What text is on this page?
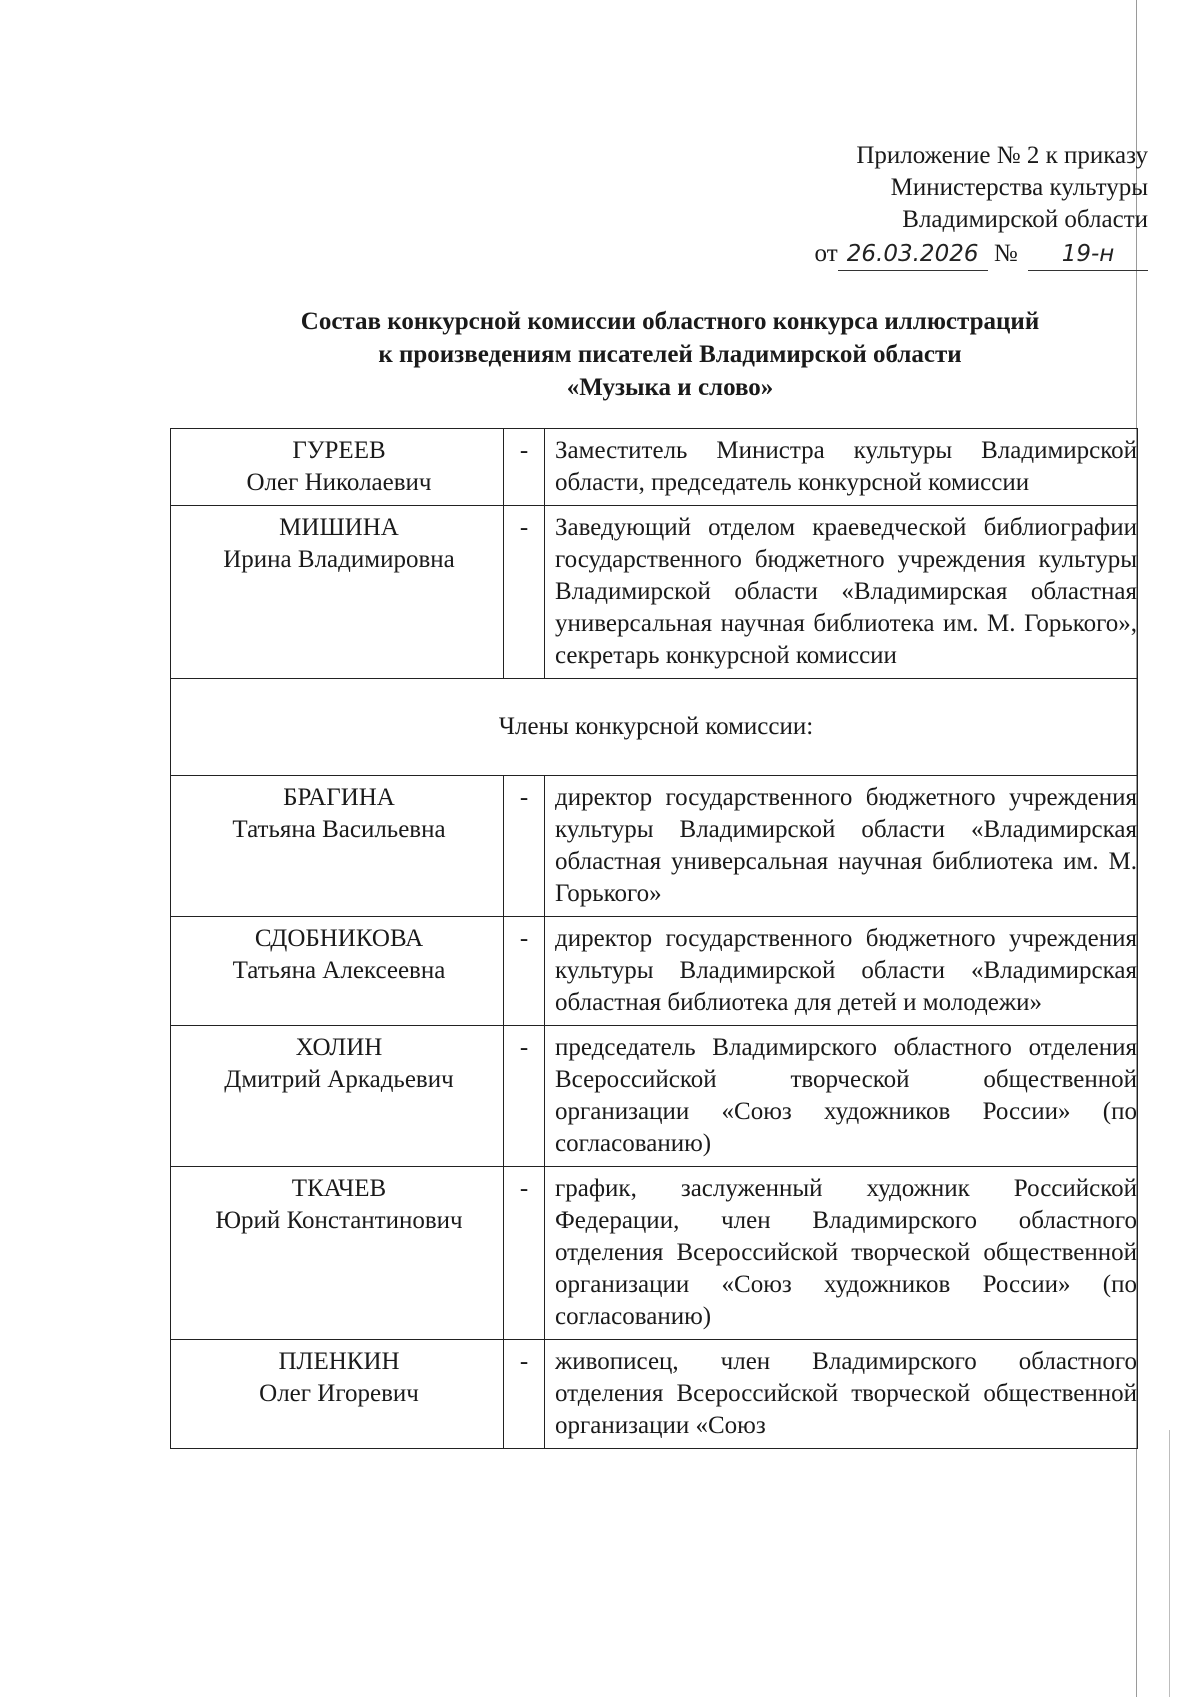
Приложение № 2 к приказу
Министерства культуры
Владимирской области
от 26.03.2026 № 19-н
Состав конкурсной комиссии областного конкурса иллюстраций
к произведениям писателей Владимирской области
«Музыка и слово»
ГУРЕЕВ
Олег Николаевич	-	Заместитель Министра культуры Владимирской области, председатель конкурсной комиссии

МИШИНА
Ирина Владимировна	-	Заведующий отделом краеведческой библиографии государственного бюджетного учреждения культуры Владимирской области «Владимирская областная универсальная научная библиотека им. М. Горького», секретарь конкурсной комиссии
Члены конкурсной комиссии:		

БРАГИНА
Татьяна Васильевна	-	директор государственного бюджетного учреждения культуры Владимирской области «Владимирская областная универсальная научная библиотека им. М. Горького»

СДОБНИКОВА
Татьяна Алексеевна	-	директор государственного бюджетного учреждения культуры Владимирской области «Владимирская областная библиотека для детей и молодежи»

ХОЛИН
Дмитрий Аркадьевич	-	председатель Владимирского областного отделения Всероссийской творческой общественной организации «Союз художников России» (по согласованию)

ТКАЧЕВ
Юрий Константинович	-	график, заслуженный художник Российской Федерации, член Владимирского областного отделения Всероссийской творческой общественной организации «Союз художников России» (по согласованию)

ПЛЕНКИН
Олег Игоревич	-	живописец, член Владимирского областного отделения Всероссийской творческой общественной организации «Союз
